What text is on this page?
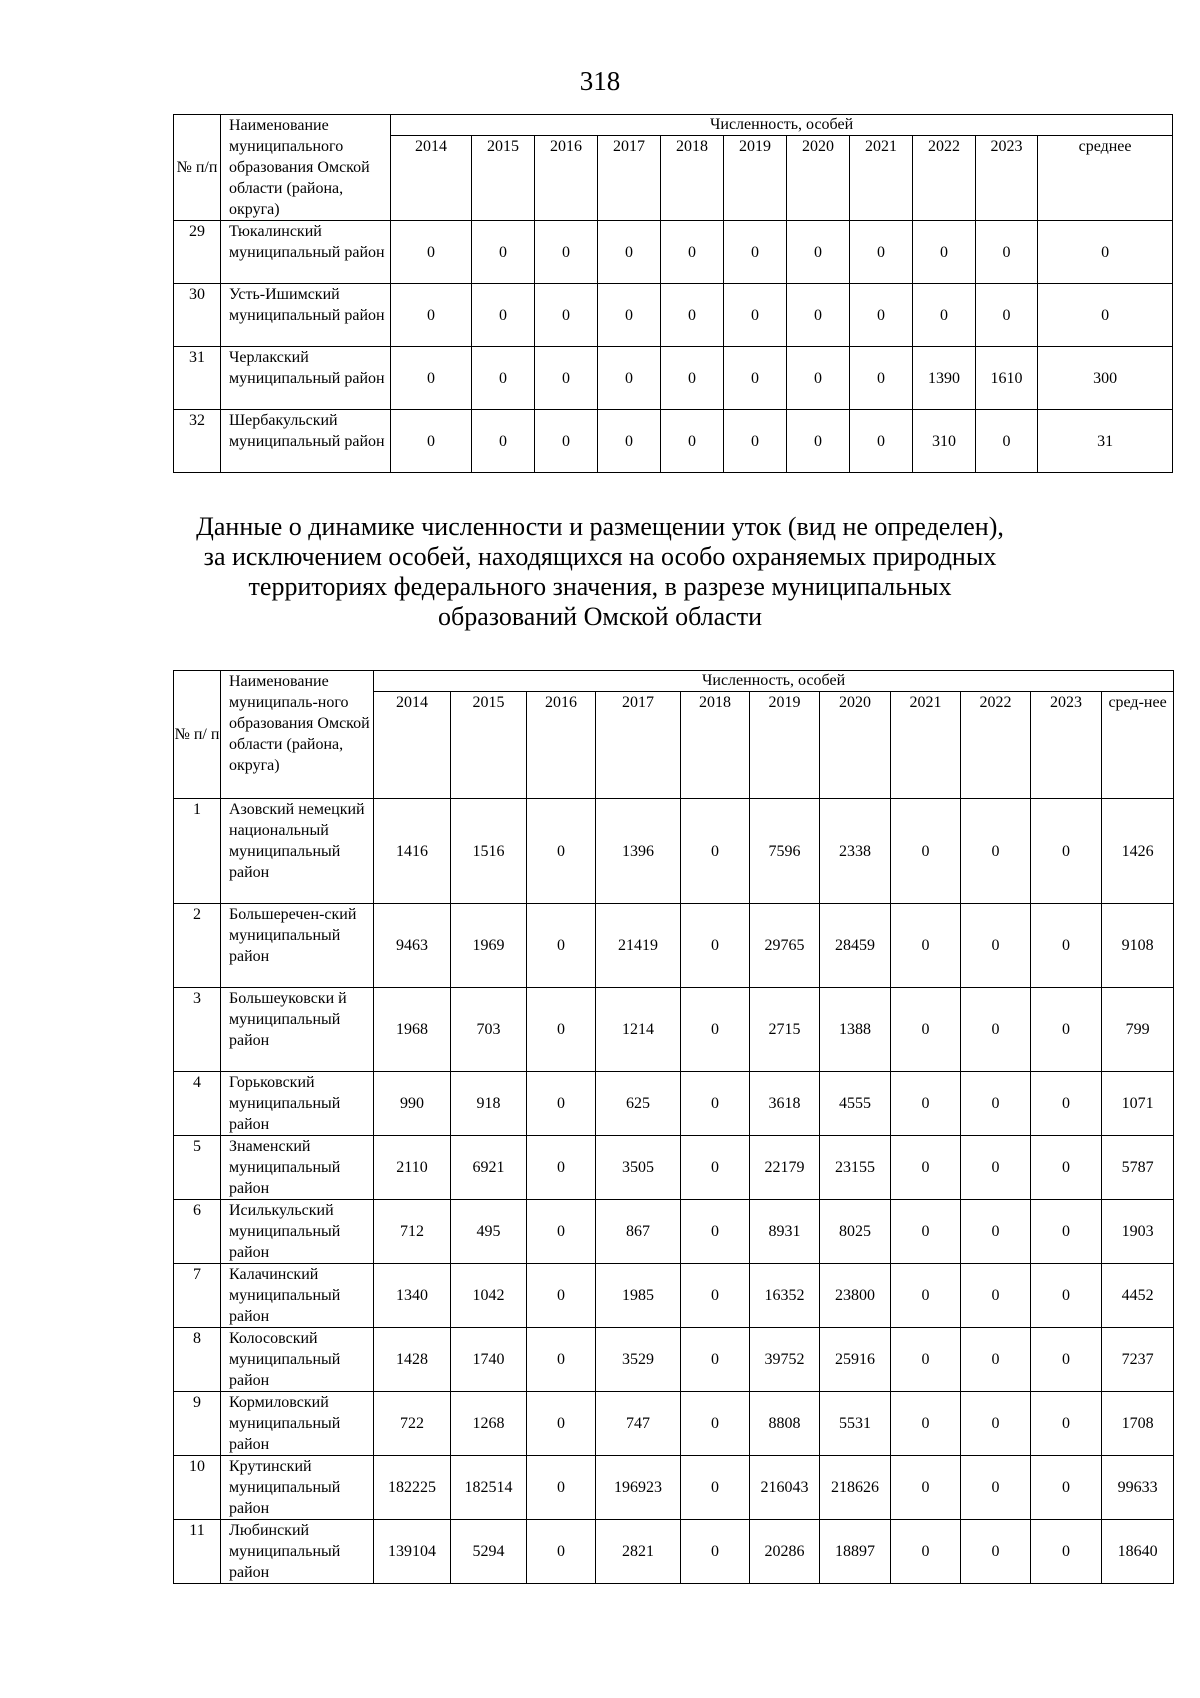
318
№ п/п	Наименование муниципального образования Омской области (района, округа)	Численность, особей										
		2014	2015	2016	2017	2018	2019	2020	2021	2022	2023	среднее
29	Тюкалинский муниципальный район	0	0	0	0	0	0	0	0	0	0	0
30	Усть-Ишимский муниципальный район	0	0	0	0	0	0	0	0	0	0	0
31	Черлакский муниципальный район	0	0	0	0	0	0	0	0	1390	1610	300
32	Шербакульский муниципальный район	0	0	0	0	0	0	0	0	310	0	31
Данные о динамике численности и размещении уток (вид не определен),
за исключением особей, находящихся на особо охраняемых природных
территориях федерального значения, в разрезе муниципальных
образований Омской области
№ п/ п	Наименование муниципаль-ного образования Омской области (района, округа)	Численность, особей										
		2014	2015	2016	2017	2018	2019	2020	2021	2022	2023	сред-нее
1	Азовский немецкий национальный муниципальный район	1416	1516	0	1396	0	7596	2338	0	0	0	1426
2	Большеречен-ский муниципальный район	9463	1969	0	21419	0	29765	28459	0	0	0	9108
3	Большеуковски й муниципальный район	1968	703	0	1214	0	2715	1388	0	0	0	799
4	Горьковский муниципальный район	990	918	0	625	0	3618	4555	0	0	0	1071
5	Знаменский муниципальный район	2110	6921	0	3505	0	22179	23155	0	0	0	5787
6	Исилькульский муниципальный район	712	495	0	867	0	8931	8025	0	0	0	1903
7	Калачинский муниципальный район	1340	1042	0	1985	0	16352	23800	0	0	0	4452
8	Колосовский муниципальный район	1428	1740	0	3529	0	39752	25916	0	0	0	7237
9	Кормиловский муниципальный район	722	1268	0	747	0	8808	5531	0	0	0	1708
10	Крутинский муниципальный район	182225	182514	0	196923	0	216043	218626	0	0	0	99633
11	Любинский муниципальный район	139104	5294	0	2821	0	20286	18897	0	0	0	18640
